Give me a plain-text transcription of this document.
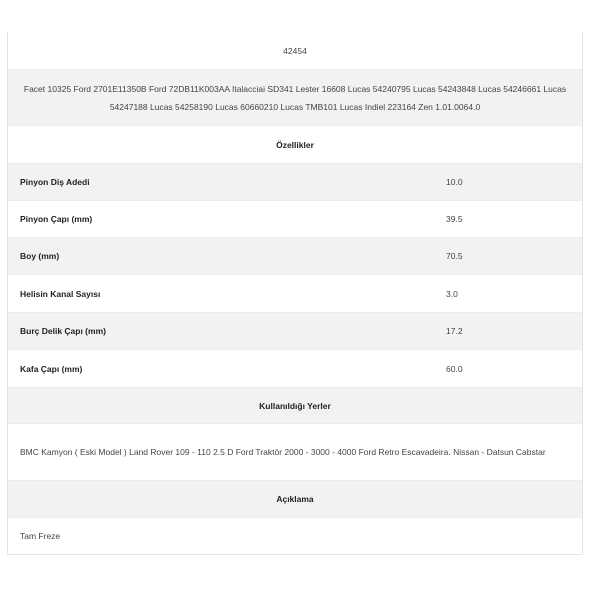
42454
Facet 10325 Ford 2701E11350B Ford 72DB11K003AA Italacciai SD341 Lester 16608 Lucas 54240795 Lucas 54243848 Lucas 54246661 Lucas 54247188 Lucas 54258190 Lucas 60660210 Lucas TMB101 Lucas Indiel 223164 Zen 1.01.0064.0
Özellikler
Pinyon Diş Adedi	10.0
Pinyon Çapı (mm)	39.5
Boy (mm)	70.5
Helisin Kanal Sayısı	3.0
Burç Delik Çapı (mm)	17.2
Kafa Çapı (mm)	60.0
Kullanıldığı Yerler
BMC Kamyon ( Eski Model ) Land Rover 109 - 110 2.5 D Ford Traktör 2000 - 3000 - 4000 Ford Retro Escavadeira. Nissan - Datsun Cabstar
Açıklama
Tam Freze
